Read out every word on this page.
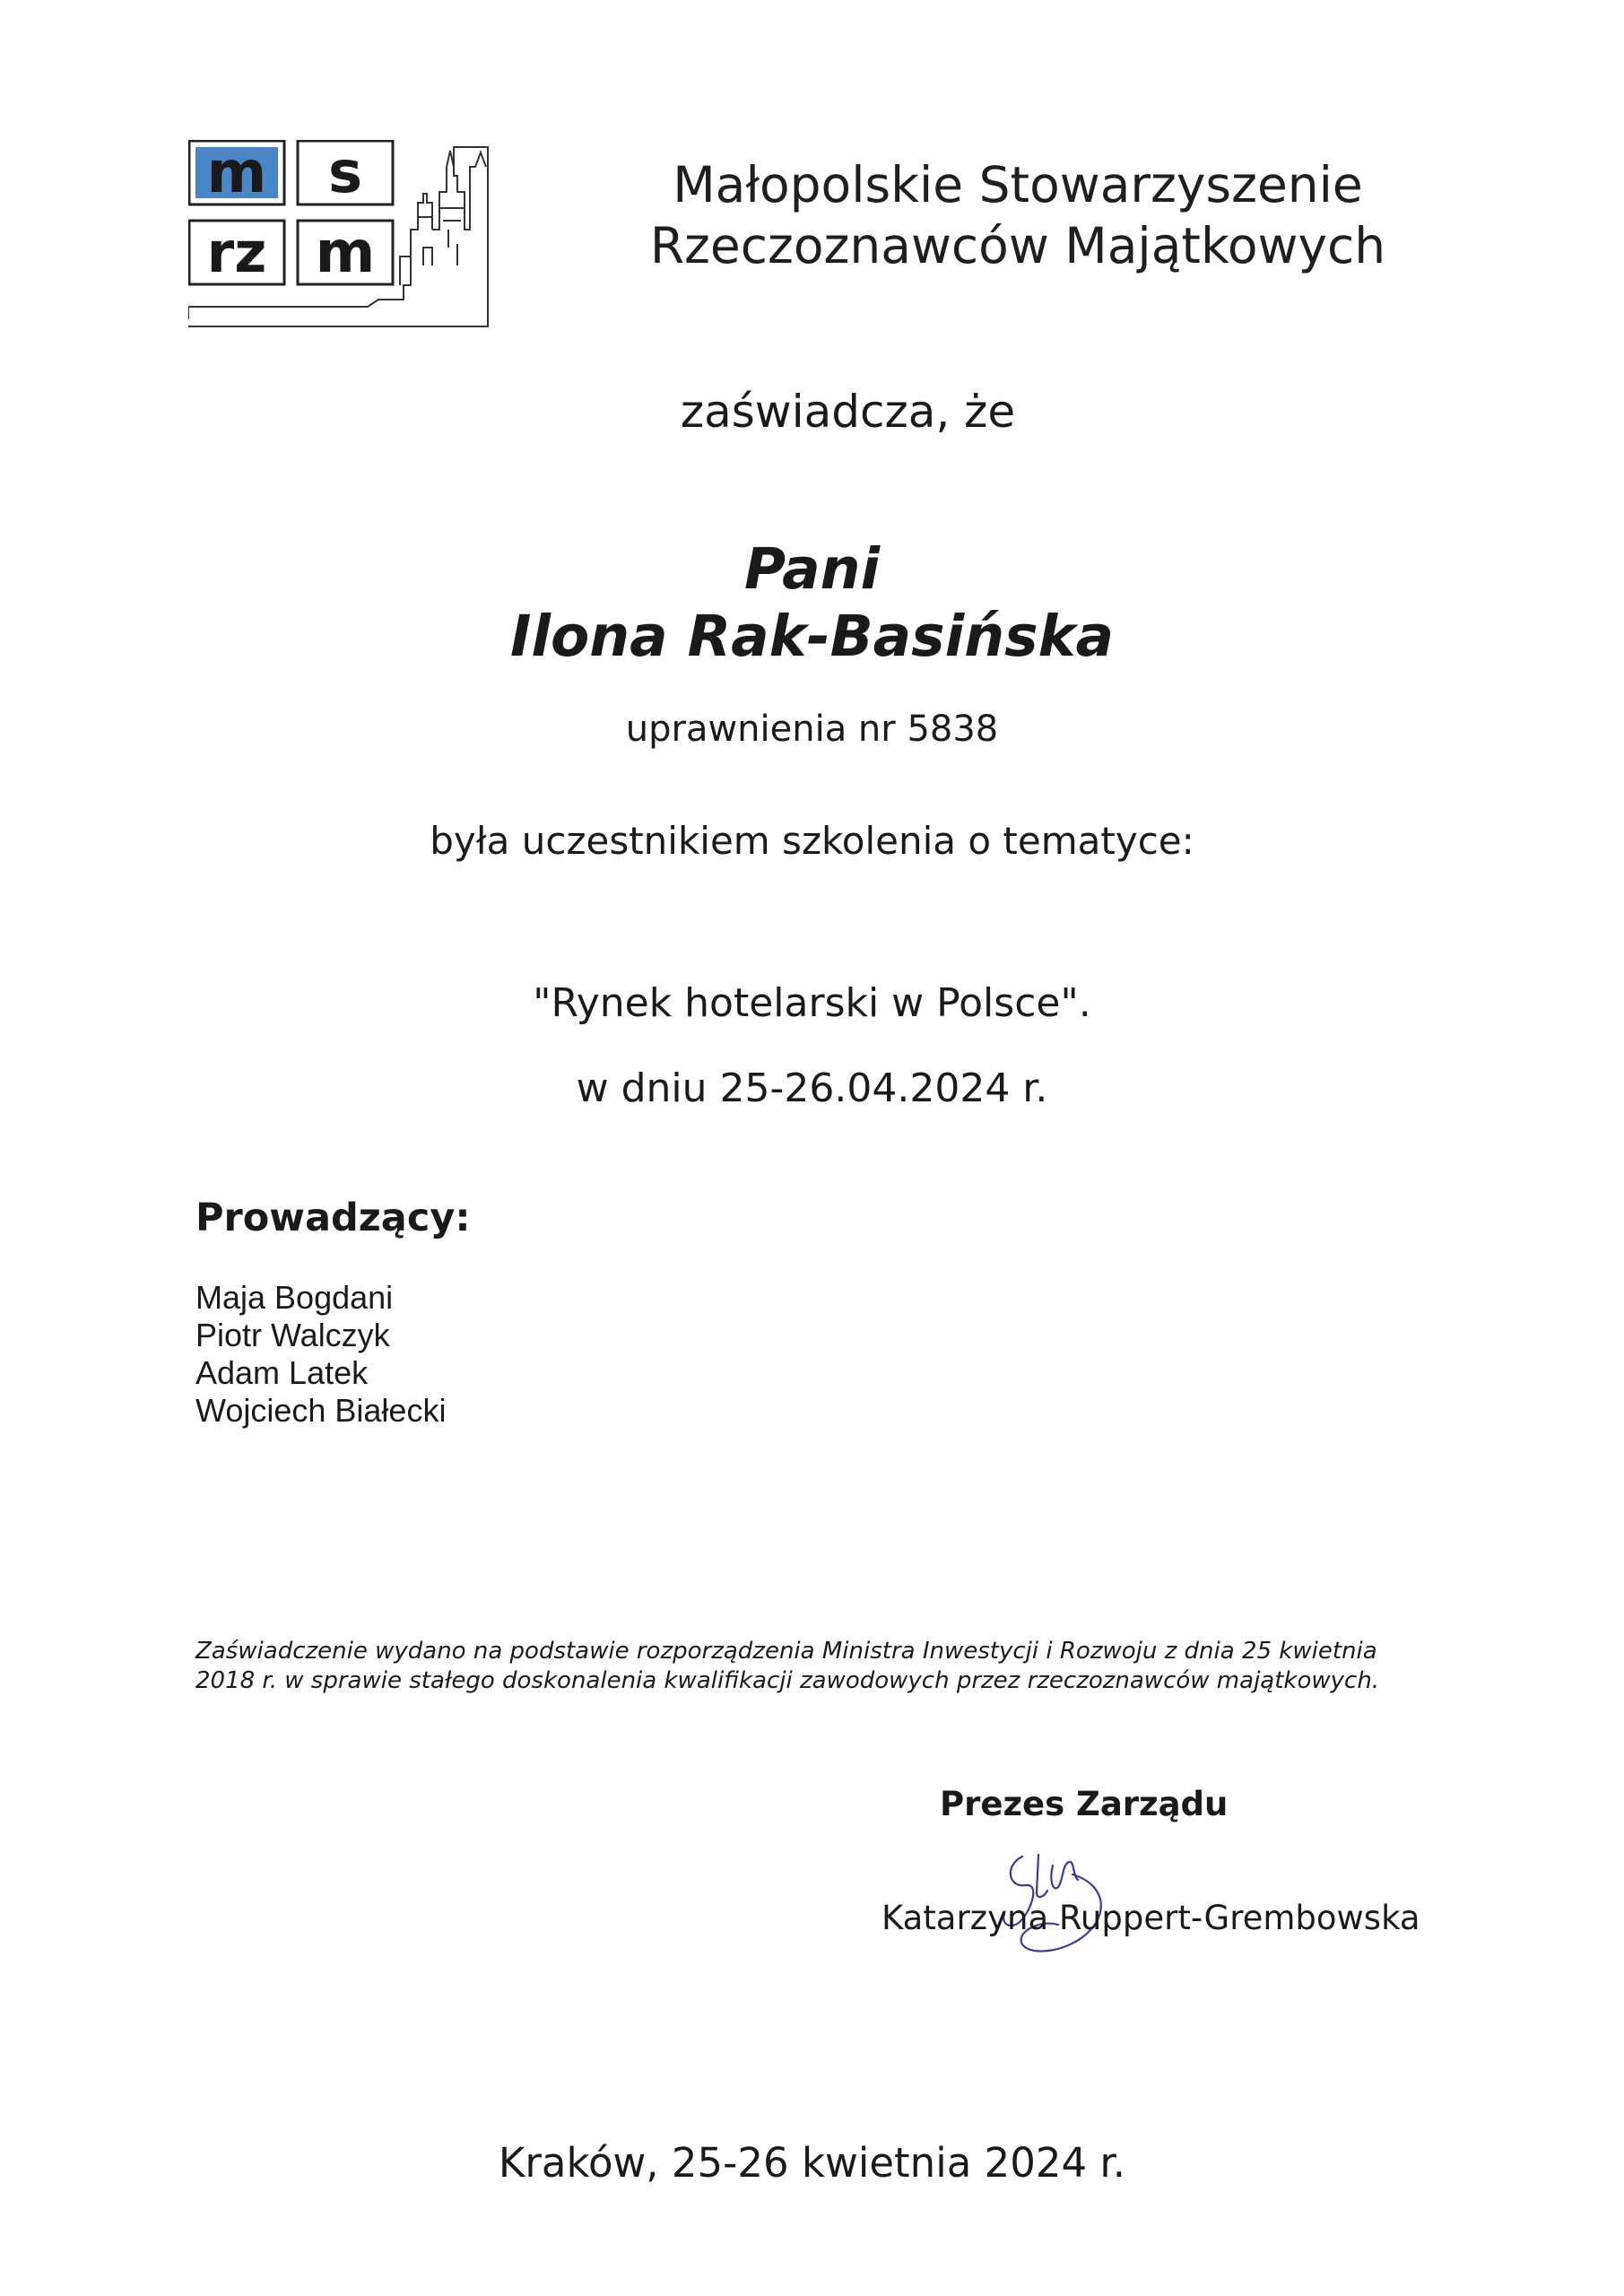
m s
rz m
Małopolskie Stowarzyszenie
Rzeczoznawców Majątkowych
zaświadcza, że
Pani
Ilona Rak-Basińska
uprawnienia nr 5838
była uczestnikiem szkolenia o tematyce:
"Rynek hotelarski w Polsce".
w dniu 25-26.04.2024 r.
Prowadzący:
Maja Bogdani
Piotr Walczyk
Adam Latek
Wojciech Białecki
Zaświadczenie wydano na podstawie rozporządzenia Ministra Inwestycji i Rozwoju z dnia 25 kwietnia
2018 r. w sprawie stałego doskonalenia kwalifikacji zawodowych przez rzeczoznawców majątkowych.
Prezes Zarządu
Katarzyna Ruppert-Grembowska
Kraków, 25-26 kwietnia 2024 r.
